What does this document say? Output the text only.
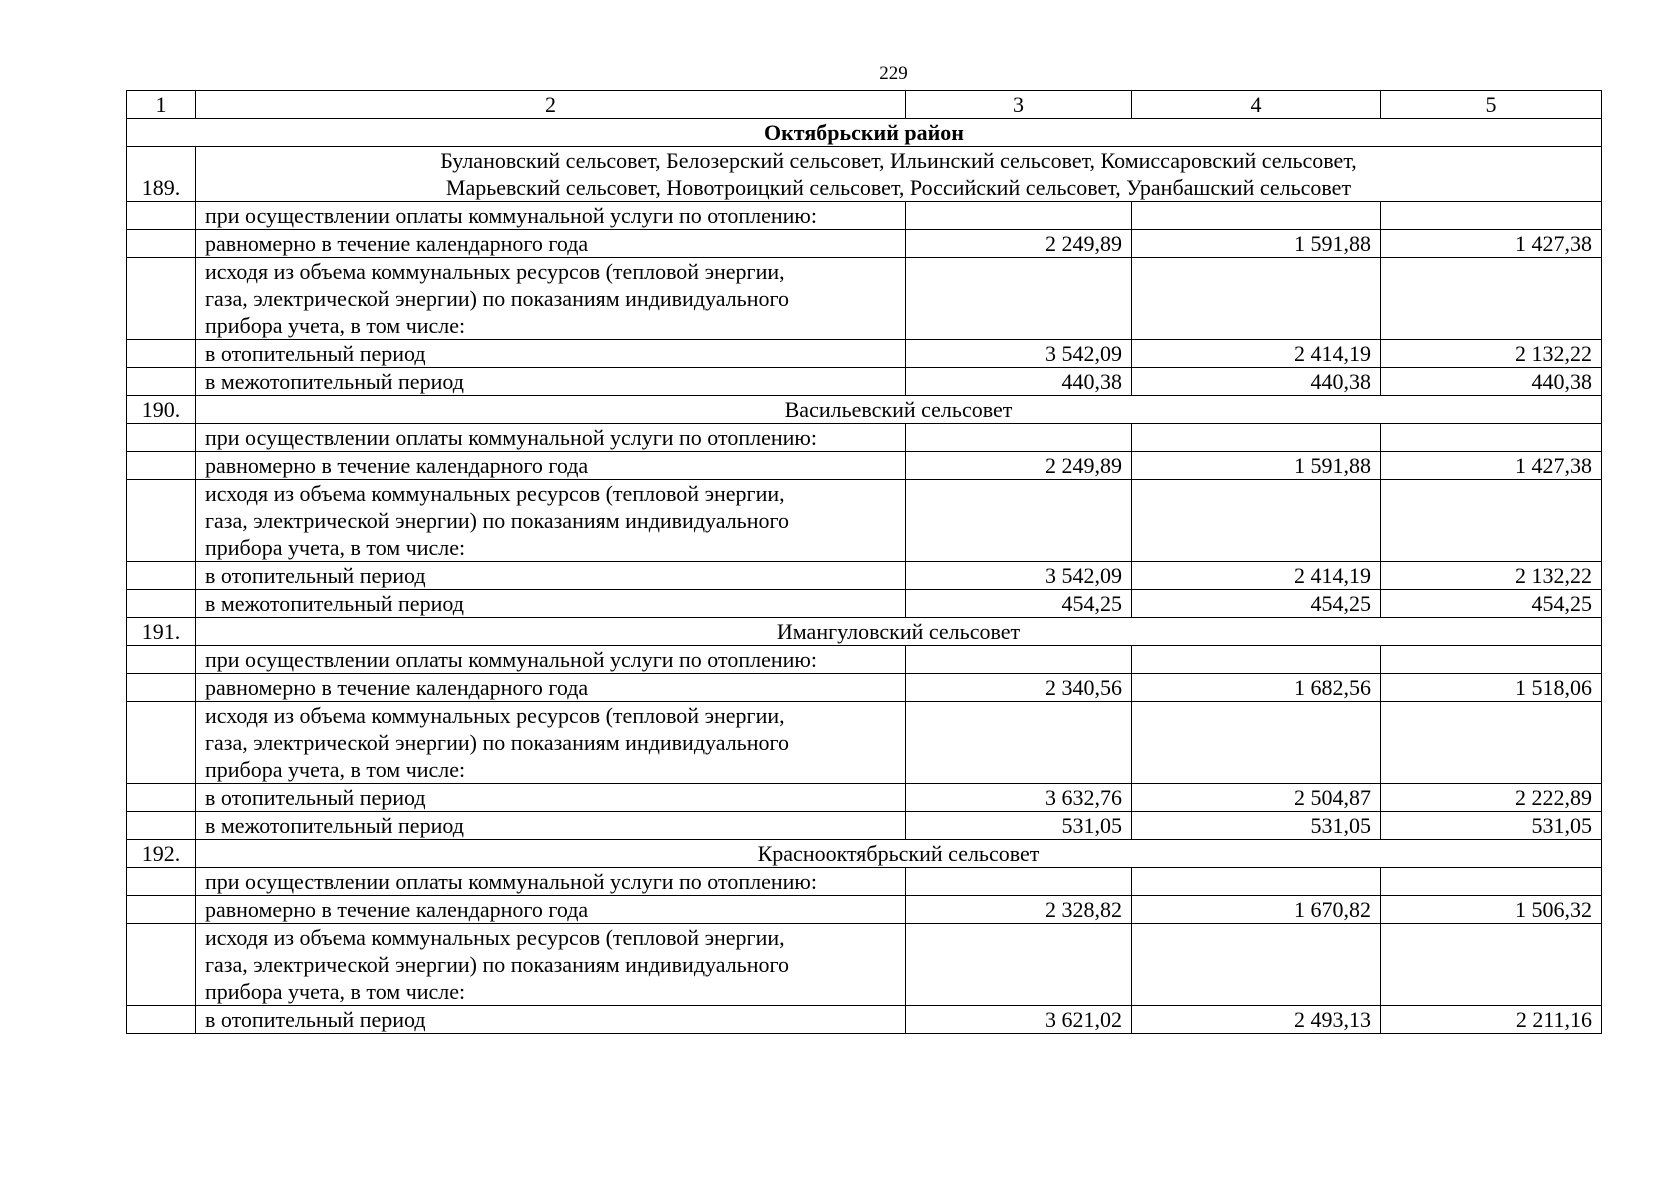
229
1	2	3	4	5
Октябрьский район				
189.	Булановский сельсовет, Белозерский сельсовет, Ильинский сельсовет, Комиссаровский сельсовет,
Марьевский сельсовет, Новотроицкий сельсовет, Российский сельсовет, Уранбашский сельсовет			

	при осуществлении оплаты коммунальной услуги по отоплению:			
	равномерно в течение календарного года	2 249,89	1 591,88	1 427,38

	исходя из объема коммунальных ресурсов (тепловой энергии,
газа, электрической энергии) по показаниям индивидуального
прибора учета, в том числе:			

	в отопительный период	3 542,09	2 414,19	2 132,22
	в межотопительный период	440,38	440,38	440,38
190.	Васильевский сельсовет			

	при осуществлении оплаты коммунальной услуги по отоплению:			
	равномерно в течение календарного года	2 249,89	1 591,88	1 427,38

	исходя из объема коммунальных ресурсов (тепловой энергии,
газа, электрической энергии) по показаниям индивидуального
прибора учета, в том числе:			

	в отопительный период	3 542,09	2 414,19	2 132,22
	в межотопительный период	454,25	454,25	454,25
191.	Имангуловский сельсовет			

	при осуществлении оплаты коммунальной услуги по отоплению:			
	равномерно в течение календарного года	2 340,56	1 682,56	1 518,06

	исходя из объема коммунальных ресурсов (тепловой энергии,
газа, электрической энергии) по показаниям индивидуального
прибора учета, в том числе:			

	в отопительный период	3 632,76	2 504,87	2 222,89
	в межотопительный период	531,05	531,05	531,05
192.	Краснооктябрьский сельсовет			

	при осуществлении оплаты коммунальной услуги по отоплению:			
	равномерно в течение календарного года	2 328,82	1 670,82	1 506,32

	исходя из объема коммунальных ресурсов (тепловой энергии,
газа, электрической энергии) по показаниям индивидуального
прибора учета, в том числе:			

	в отопительный период	3 621,02	2 493,13	2 211,16
